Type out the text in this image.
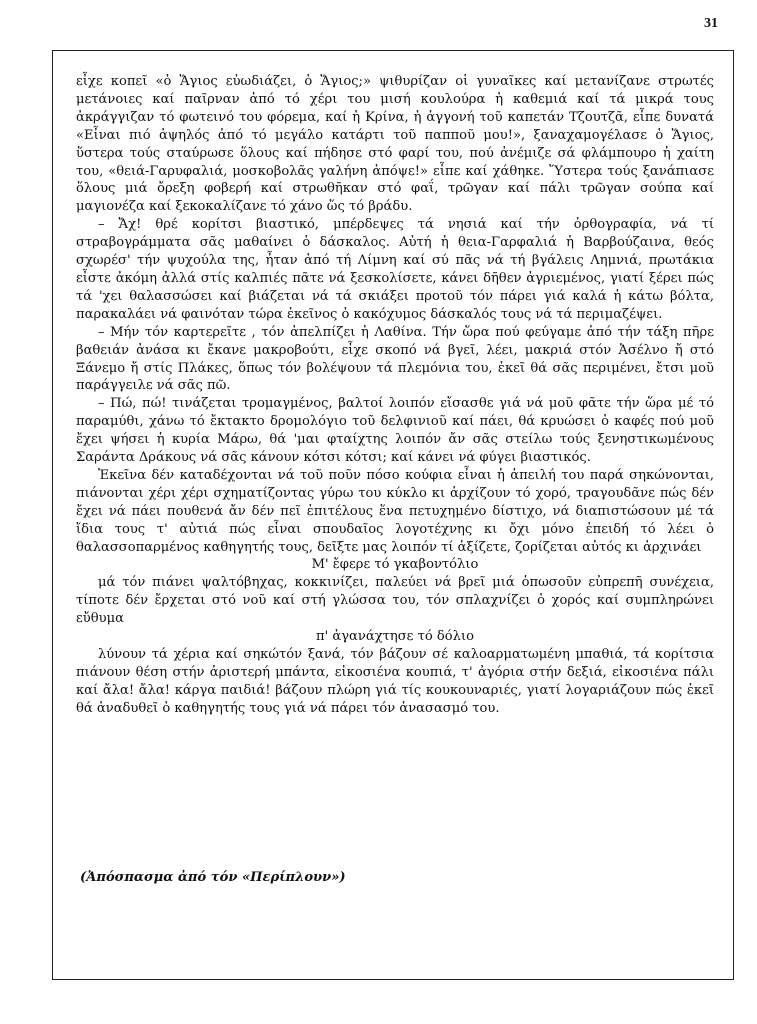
31

εἶχε κοπεῖ «ὁ Ἅγιος εὐωδιάζει, ὁ Ἅγιος;» ψιθυρίζαν οἱ γυναῖκες καί μετανίζανε στρωτές μετάνοιες καί παῖρναν ἀπό τό χέρι του μισή κουλούρα ἡ καθεμιά καί τά μικρά τους ἀκράγγιζαν τό φωτεινό του φόρεμα, καί ἡ Κρίνα, ἡ ἀγγονή τοῦ καπετάν Τζουτζᾶ, εἶπε δυνατά «Εἶναι πιό ἀψηλός ἀπό τό μεγάλο κατάρτι τοῦ παπποῦ μου!», ξαναχαμογέλασε ὁ Ἅγιος, ὕστερα τούς σταύρωσε ὅλους καί πήδησε στό φαρί του, πού ἀνέμιζε σά φλάμπουρο ἡ χαίτη του, «θειά-Γαρυφαλιά, μοσκοβολᾶς γαλήνη ἀπόψε!» εἶπε καί χάθηκε. Ὕστερα τούς ξανάπιασε ὅλους μιά ὄρεξη φοβερή καί στρωθῆκαν στό φαΐ, τρῶγαν καί πάλι τρῶγαν σούπα καί μαγιονέζα καί ξεκοκαλίζανε τό χάνο ὥς τό βράδυ.

– Ἄχ! θρέ κορίτσι βιαστικό, μπέρδεψες τά νησιά καί τήν ὀρθογραφία, νά τί στραβογράμματα σᾶς μαθαίνει ὁ δάσκαλος. Αὐτή ἡ θεια-Γαρφαλιά ἡ Βαρβούζαινα, θεός σχωρέσ' τήν ψυχούλα της, ἦταν ἀπό τή Λίμνη καί σύ πᾶς νά τή βγάλεις Λημνιά, πρωτάκια εἶστε ἀκόμη ἀλλά στίς καλπιές πᾶτε νά ξεσκολίσετε, κάνει δῆθεν ἀγριεμένος, γιατί ξέρει πώς τά 'χει θαλασσώσει καί βιάζεται νά τά σκιάξει προτοῦ τόν πάρει γιά καλά ἡ κάτω βόλτα, παρακαλάει νά φαινόταν τώρα ἐκεῖνος ὁ κακόχυμος δάσκαλός τους νά τά περιμαζέψει.

– Μήν τόν καρτερεῖτε , τόν ἀπελπίζει ἡ Λαθίνα. Τήν ὥρα πού φεύγαμε ἀπό τήν τάξη πῆρε βαθειάν ἀνάσα κι ἔκανε μακροβούτι, εἶχε σκοπό νά βγεῖ, λέει, μακριά στόν Ἀσέλνο ἤ στό Ξάνεμο ἤ στίς Πλάκες, ὅπως τόν βολέψουν τά πλεμόνια του, ἐκεῖ θά σᾶς περιμένει, ἔτσι μοῦ παράγγειλε νά σᾶς πῶ.

– Πώ, πώ! τινάζεται τρομαγμένος, βαλτοί λοιπόν εἴσασθε γιά νά μοῦ φᾶτε τήν ὥρα μέ τό παραμύθι, χάνω τό ἔκτακτο δρομολόγιο τοῦ δελφινιοῦ καί πάει, θά κρυώσει ὁ καφές πού μοῦ ἔχει ψήσει ἡ κυρία Μάρω, θά 'μαι φταίχτης λοιπόν ἄν σᾶς στείλω τούς ξενηστικωμένους Σαράντα Δράκους νά σᾶς κάνουν κότσι κότσι; καί κάνει νά φύγει βιαστικός.

Ἐκεῖνα δέν καταδέχονται νά τοῦ ποῦν πόσο κούφια εἶναι ἡ ἀπειλή του παρά σηκώνονται, πιάνονται χέρι χέρι σχηματίζοντας γύρω του κύκλο κι ἀρχίζουν τό χορό, τραγουδᾶνε πώς δέν ἔχει νά πάει πουθενά ἄν δέν πεῖ ἐπιτέλους ἕνα πετυχημένο δίστιχο, νά διαπιστώσουν μέ τά ἴδια τους τ' αὐτιά πώς εἶναι σπουδαῖος λογοτέχνης κι ὄχι μόνο ἐπειδή τό λέει ὁ θαλασσοπαρμένος καθηγητής τους, δεῖξτε μας λοιπόν τί ἀξίζετε, ζορίζεται αὐτός κι ἀρχινάει

Μ' ἔφερε τό γκαβοντόλιο

μά τόν πιάνει ψαλτόβηχας, κοκκινίζει, παλεύει νά βρεῖ μιά ὁπωσοῦν εὐπρεπῆ συνέχεια, τίποτε δέν ἔρχεται στό νοῦ καί στή γλώσσα του, τόν σπλαχνίζει ὁ χορός καί συμπληρώνει εὔθυμα

π' ἀγανάχτησε τό δόλιο

λύνουν τά χέρια καί σηκώτόν ξανά, τόν βάζουν σέ καλοαρματωμένη μπαθιά, τά κορίτσια πιάνουν θέση στήν ἀριστερή μπάντα, εἰκοσιένα κουπιά, τ' ἀγόρια στήν δεξιά, εἰκοσιένα πάλι καί ἄλα! ἄλα! κάργα παιδιά! βάζουν πλώρη γιά τίς κουκουναριές, γιατί λογαριάζουν πώς ἐκεῖ θά ἀναδυθεῖ ὁ καθηγητής τους γιά νά πάρει τόν ἀνασασμό του.

(Ἀπόσπασμα ἀπό τόν «Περίπλουν»)
